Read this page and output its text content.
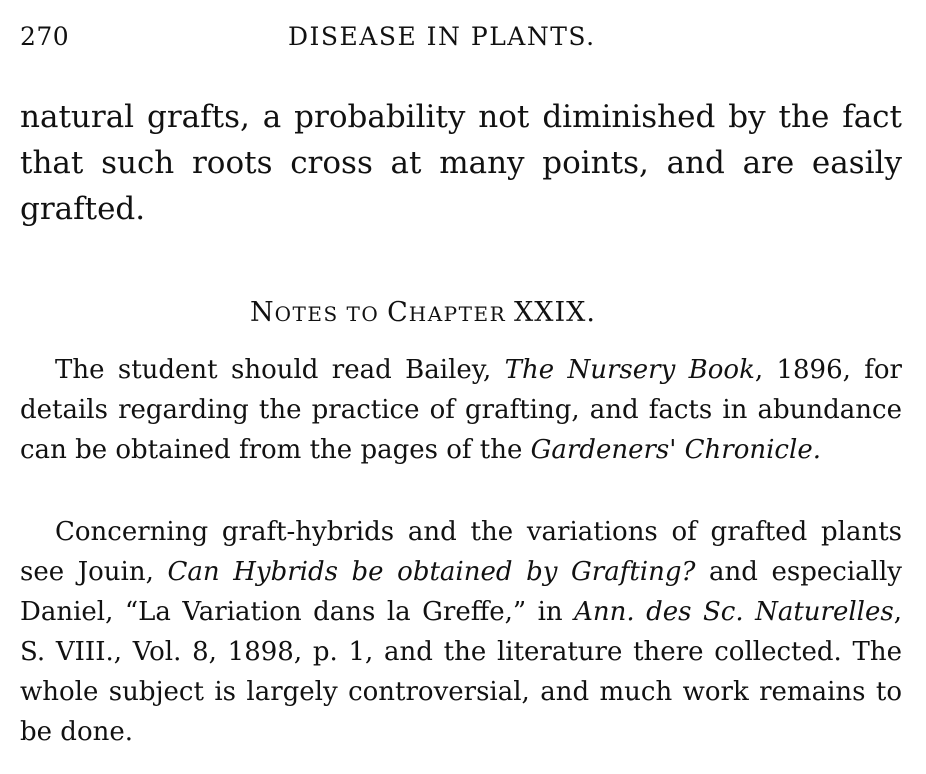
270	DISEASE IN PLANTS.

natural grafts, a probability not diminished by the fact that such roots cross at many points, and are easily grafted.

NOTES TO CHAPTER XXIX.

The student should read Bailey, The Nursery Book, 1896, for details regarding the practice of grafting, and facts in abundance can be obtained from the pages of the Gardeners' Chronicle.

Concerning graft-hybrids and the variations of grafted plants see Jouin, Can Hybrids be obtained by Grafting? and especially Daniel, “La Variation dans la Greffe,” in Ann. des Sc. Naturelles, S. VIII., Vol. 8, 1898, p. 1, and the literature there collected. The whole subject is largely controversial, and much work remains to be done.
